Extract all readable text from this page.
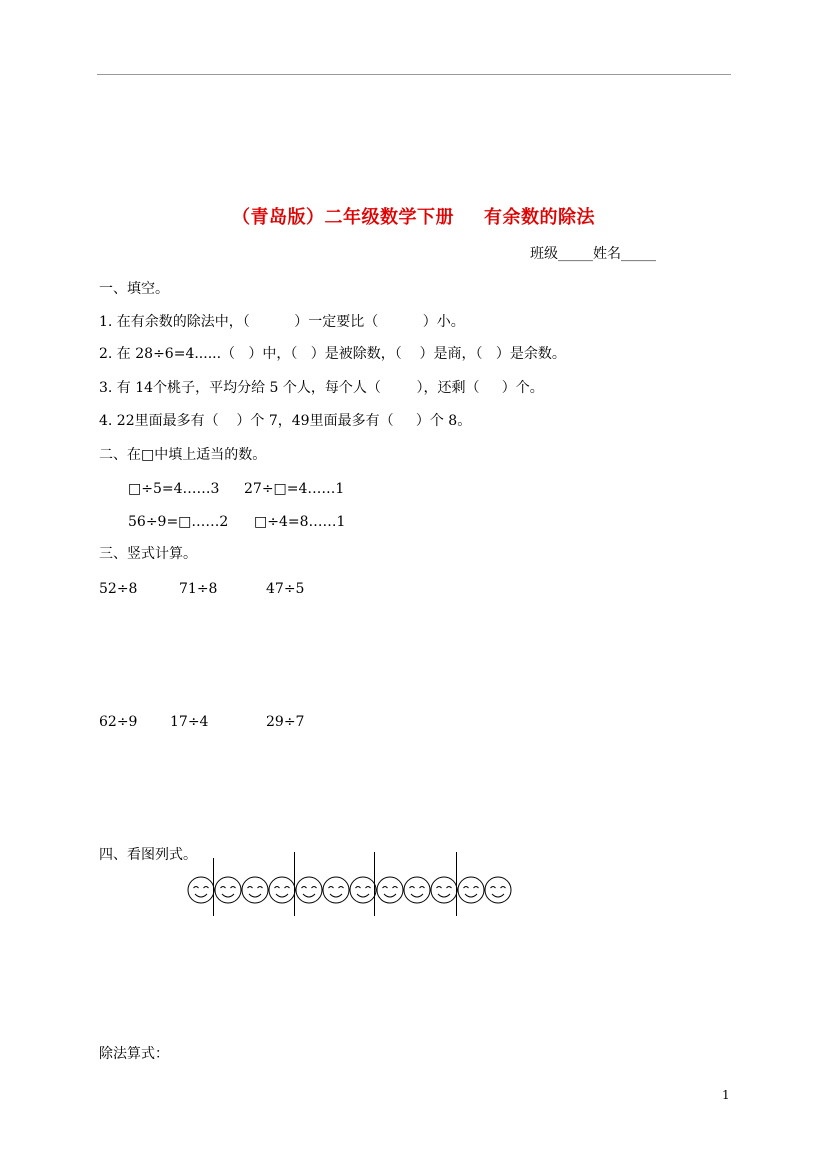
（青岛版）二年级数学下册 有余数的除法
班级_____姓名_____
一、填空。
1. 在有余数的除法中，（          ）一定要比（          ）小。
2. 在 28÷6=4......（   ）中，（   ）是被除数，（    ）是商，（   ）是余数。
3. 有 14个桃子，平均分给 5 个人，每个人（        ），还剩（     ）个。
4. 22里面最多有（    ）个 7，49里面最多有（     ）个 8。
二、在□中填上适当的数。
□÷5=4……3 27÷□=4……1
56÷9=□……2 □÷4=8……1
三、竖式计算。
52÷8	71÷8	47÷5
62÷9 17÷4	29÷7
四、看图列式。
除法算式：
1
